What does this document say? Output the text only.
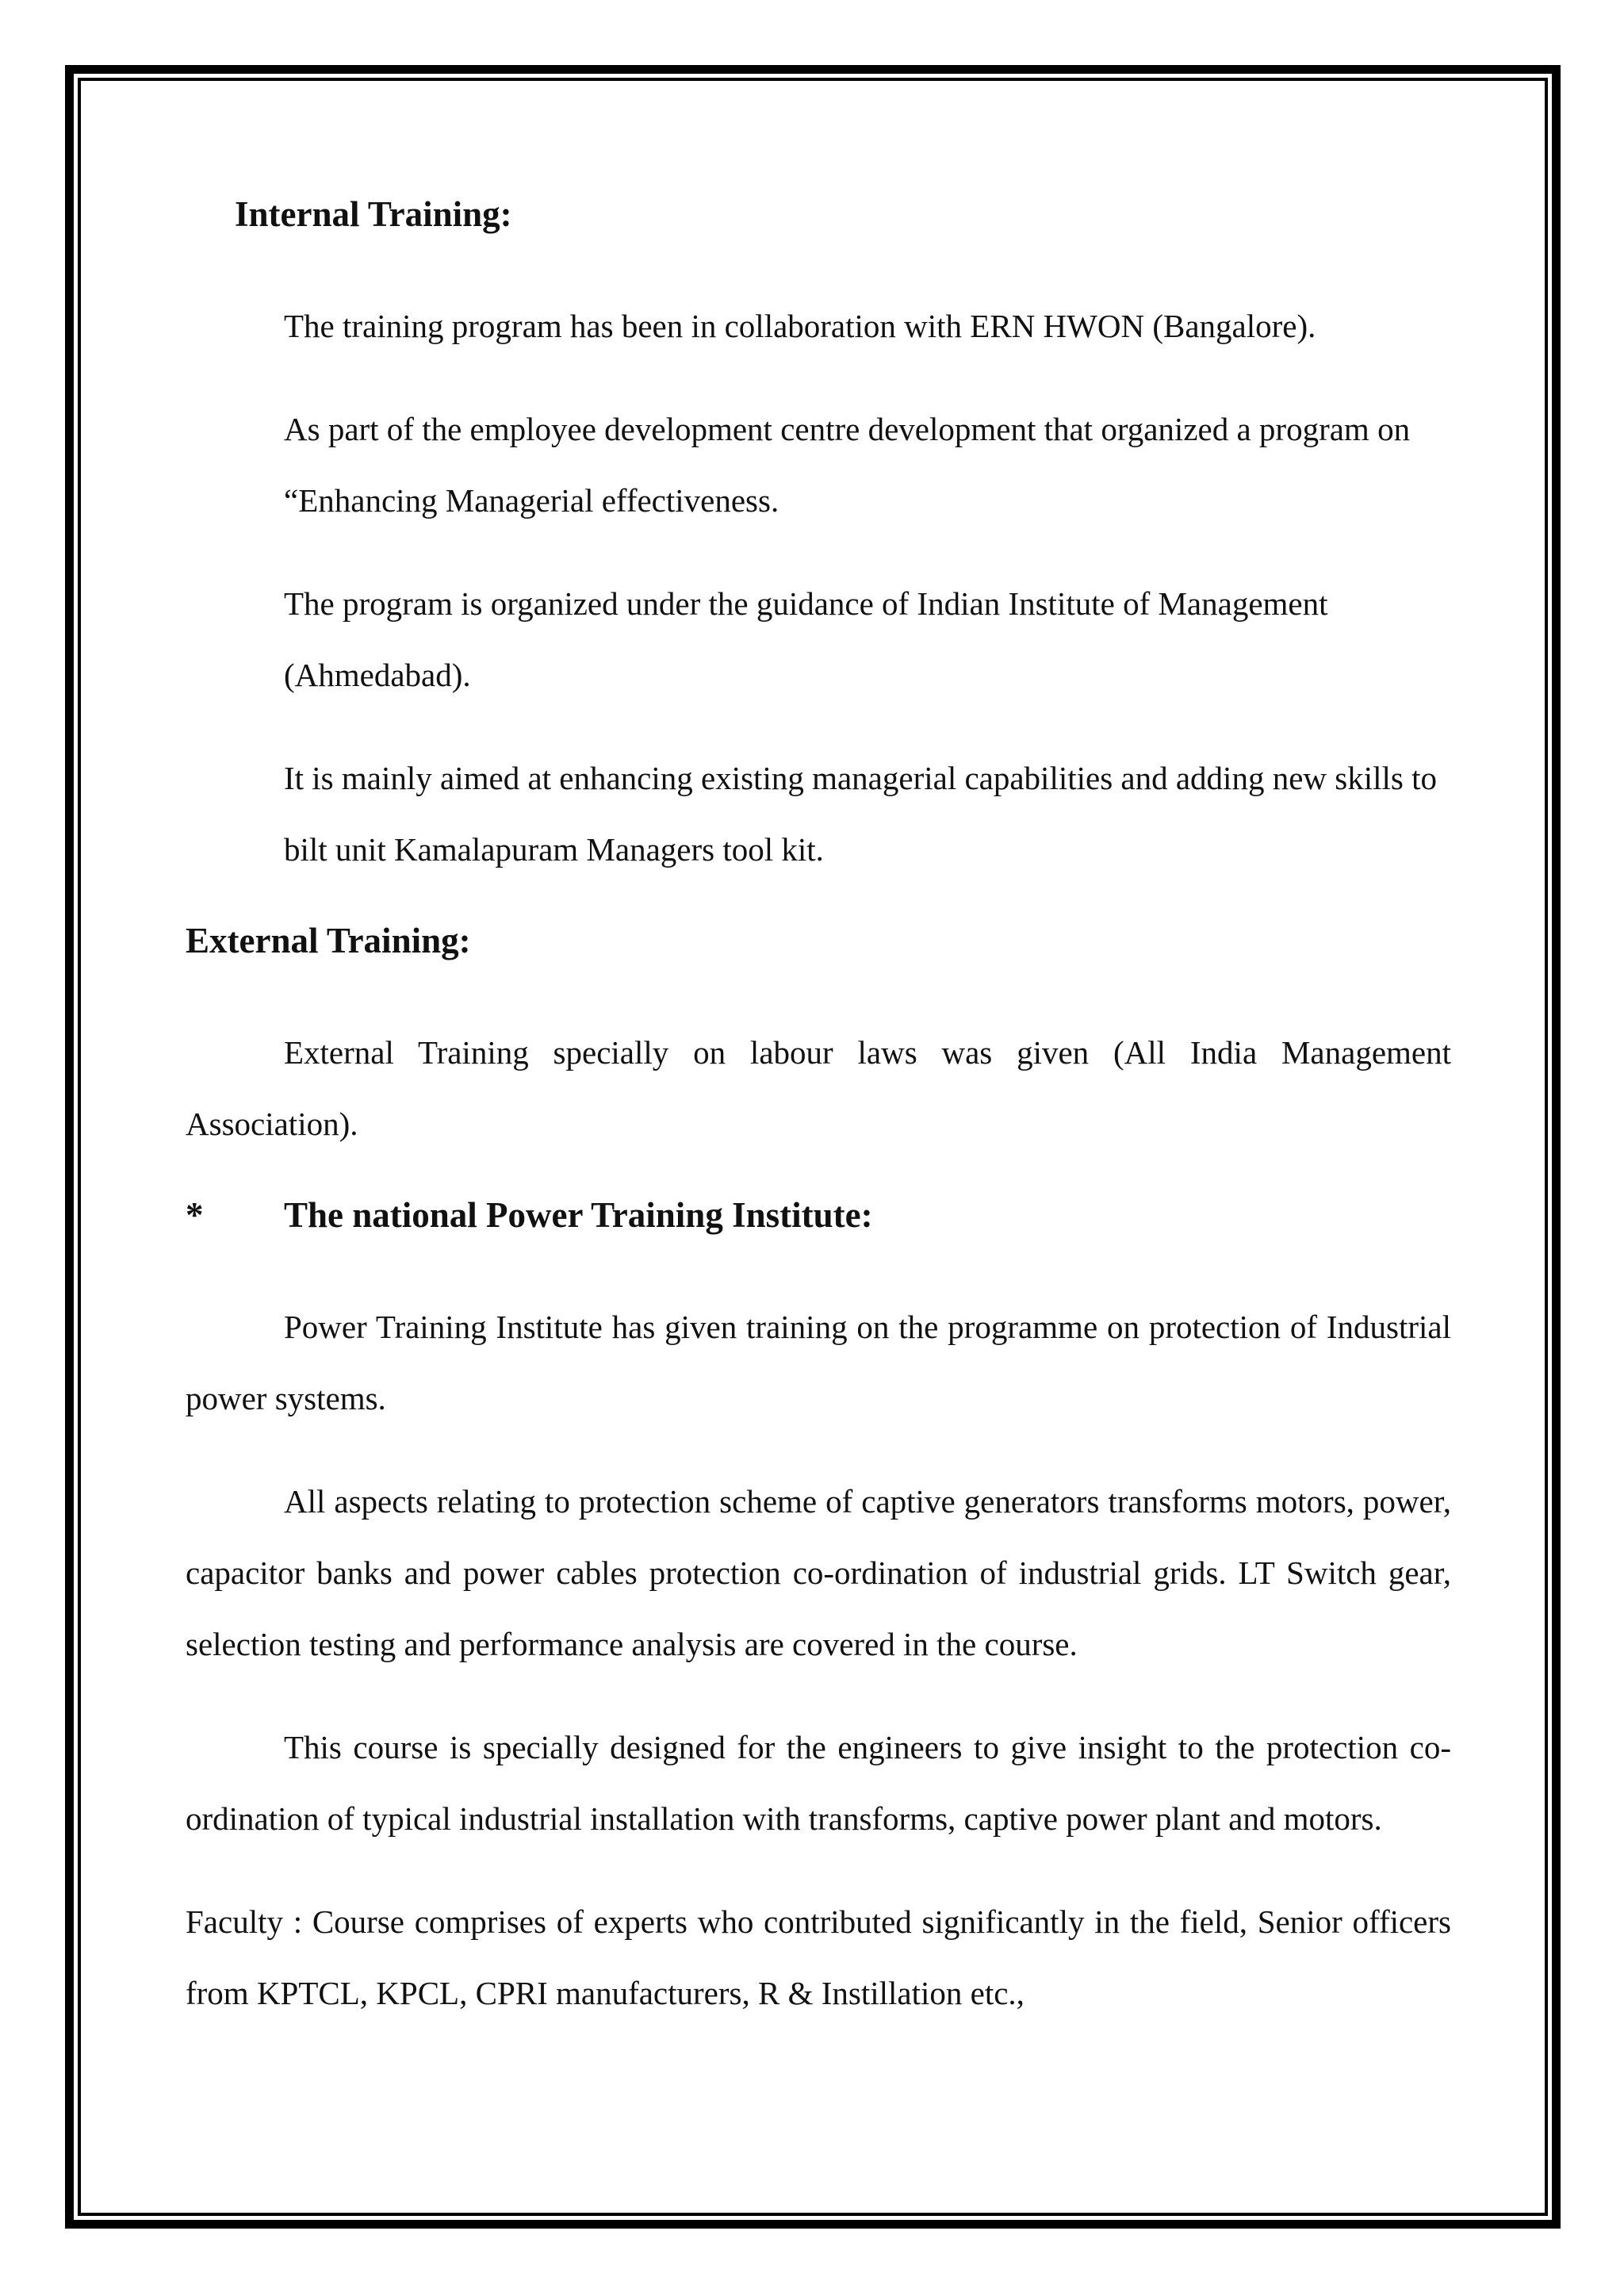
Internal Training:

The training program has been in collaboration with ERN HWON (Bangalore).

As part of the employee development centre development that organized a program on “Enhancing Managerial effectiveness.

The program is organized under the guidance of Indian Institute of Management (Ahmedabad).

It is mainly aimed at enhancing existing managerial capabilities and adding new skills to bilt unit Kamalapuram Managers tool kit.

External Training:

External Training specially on labour laws was given (All India Management Association).

*	The national Power Training Institute:

Power Training Institute has given training on the programme on protection of Industrial power systems.

All aspects relating to protection scheme of captive generators transforms motors, power, capacitor banks and power cables protection co-ordination of industrial grids. LT Switch gear, selection testing and performance analysis are covered in the course.

This course is specially designed for the engineers to give insight to the protection co-ordination of typical industrial installation with transforms, captive power plant and motors.

Faculty : Course comprises of experts who contributed significantly in the field, Senior officers from KPTCL, KPCL, CPRI manufacturers, R & Instillation etc.,
